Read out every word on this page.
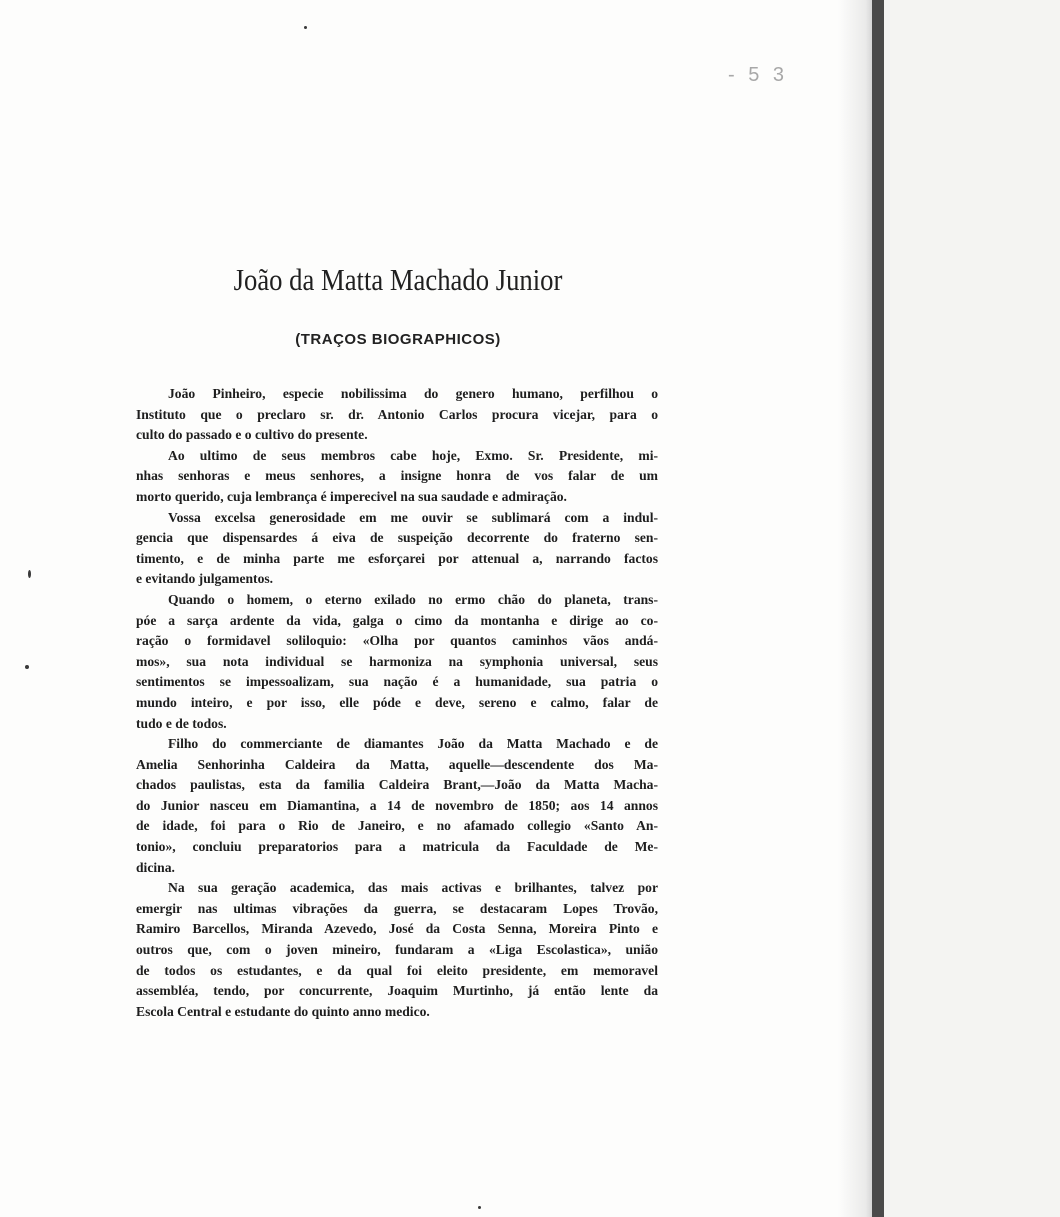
- 5 3
João da Matta Machado Junior
(TRAÇOS BIOGRAPHICOS)
João Pinheiro, especie nobilissima do genero humano, perfilhou o
Instituto que o preclaro sr. dr. Antonio Carlos procura vicejar, para o
culto do passado e o cultivo do presente.
Ao ultimo de seus membros cabe hoje, Exmo. Sr. Presidente, mi-
nhas senhoras e meus senhores, a insigne honra de vos falar de um
morto querido, cuja lembrança é imperecivel na sua saudade e admiração.
Vossa excelsa generosidade em me ouvir se sublimará com a indul-
gencia que dispensardes á eiva de suspeição decorrente do fraterno sen-
timento, e de minha parte me esforçarei por attenual a, narrando factos
e evitando julgamentos.
Quando o homem, o eterno exilado no ermo chão do planeta, trans-
póe a sarça ardente da vida, galga o cimo da montanha e dirige ao co-
ração o formidavel soliloquio: «Olha por quantos caminhos vãos andá-
mos», sua nota individual se harmoniza na symphonia universal, seus
sentimentos se impessoalizam, sua nação é a humanidade, sua patria o
mundo inteiro, e por isso, elle póde e deve, sereno e calmo, falar de
tudo e de todos.
Filho do commerciante de diamantes João da Matta Machado e de
Amelia Senhorinha Caldeira da Matta, aquelle—descendente dos Ma-
chados paulistas, esta da familia Caldeira Brant,—João da Matta Macha-
do Junior nasceu em Diamantina, a 14 de novembro de 1850; aos 14 annos
de idade, foi para o Rio de Janeiro, e no afamado collegio «Santo An-
tonio», concluiu preparatorios para a matricula da Faculdade de Me-
dicina.
Na sua geração academica, das mais activas e brilhantes, talvez por
emergir nas ultimas vibrações da guerra, se destacaram Lopes Trovão,
Ramiro Barcellos, Miranda Azevedo, José da Costa Senna, Moreira Pinto e
outros que, com o joven mineiro, fundaram a «Liga Escolastica», união
de todos os estudantes, e da qual foi eleito presidente, em memoravel
assembléa, tendo, por concurrente, Joaquim Murtinho, já então lente da
Escola Central e estudante do quinto anno medico.
